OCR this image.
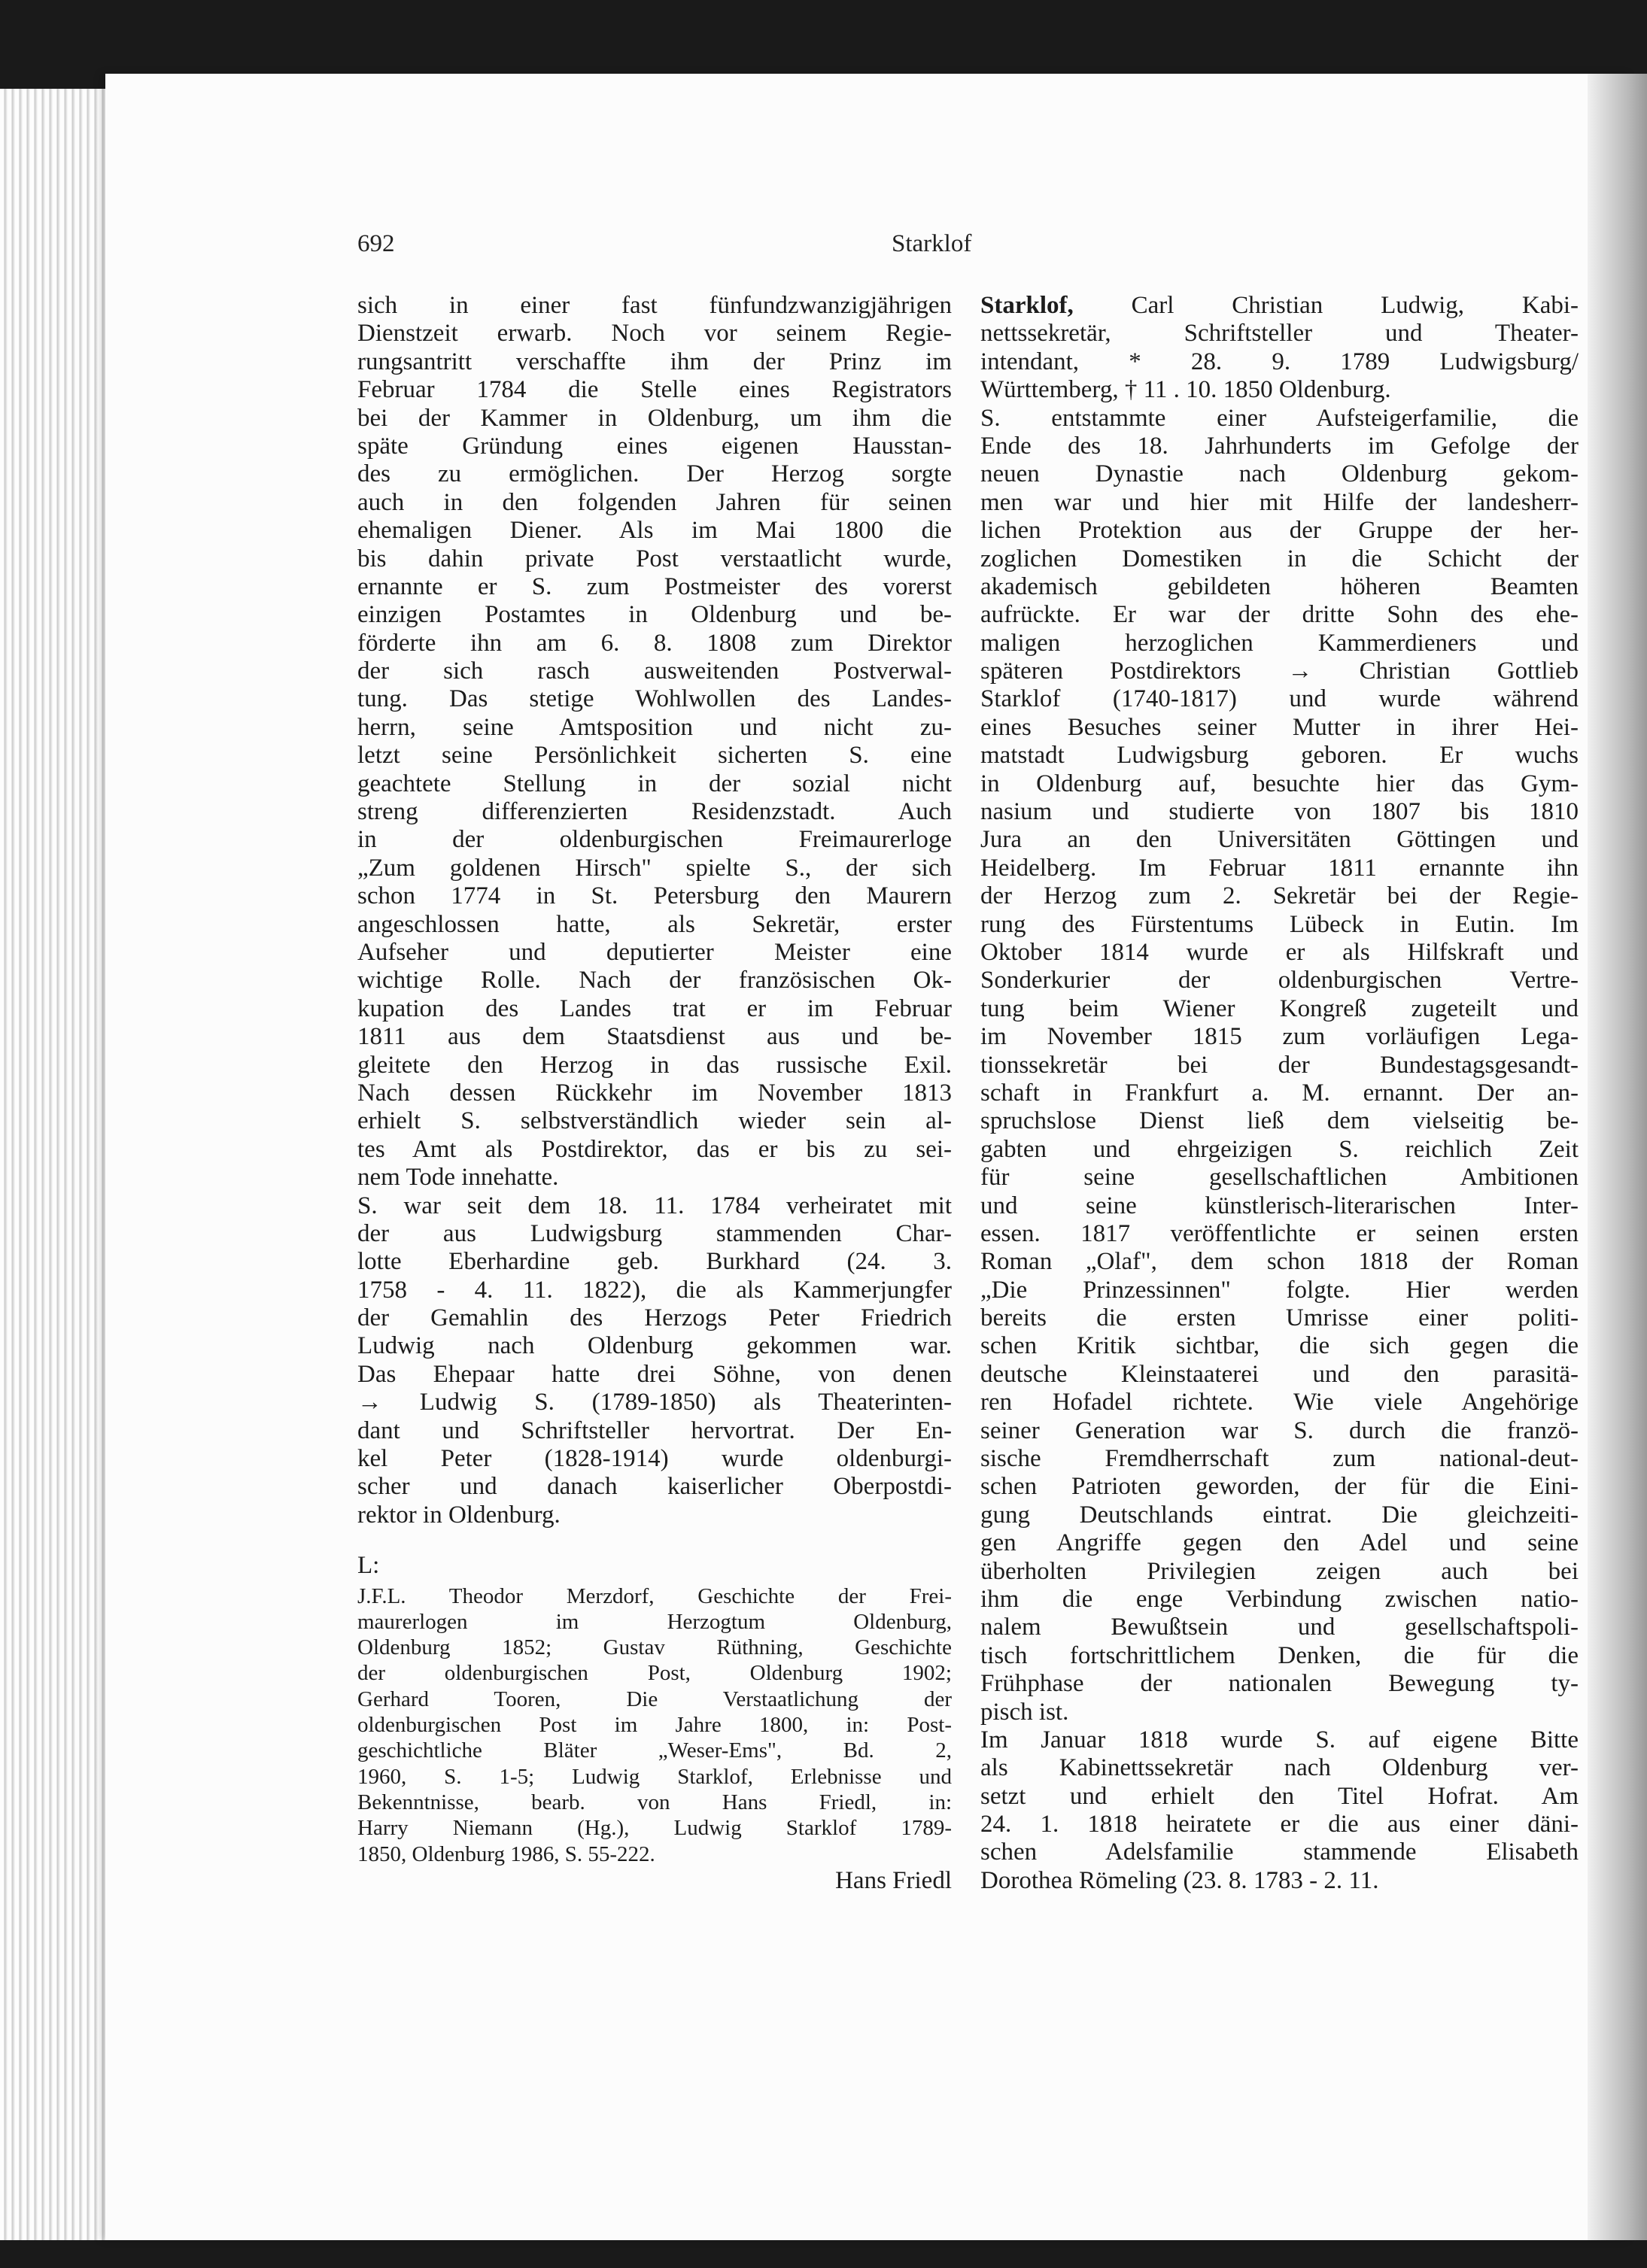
692	Starklof
sich in einer fast fünfundzwanzigjährigen
Dienstzeit erwarb. Noch vor seinem Regie-
rungsantritt verschaffte ihm der Prinz im
Februar 1784 die Stelle eines Registrators
bei der Kammer in Oldenburg, um ihm die
späte Gründung eines eigenen Hausstan-
des zu ermöglichen. Der Herzog sorgte
auch in den folgenden Jahren für seinen
ehemaligen Diener. Als im Mai 1800 die
bis dahin private Post verstaatlicht wurde,
ernannte er S. zum Postmeister des vorerst
einzigen Postamtes in Oldenburg und be-
förderte ihn am 6. 8. 1808 zum Direktor
der sich rasch ausweitenden Postverwal-
tung. Das stetige Wohlwollen des Landes-
herrn, seine Amtsposition und nicht zu-
letzt seine Persönlichkeit sicherten S. eine
geachtete Stellung in der sozial nicht
streng differenzierten Residenzstadt. Auch
in der oldenburgischen Freimaurerloge
„Zum goldenen Hirsch" spielte S., der sich
schon 1774 in St. Petersburg den Maurern
angeschlossen hatte, als Sekretär, erster
Aufseher und deputierter Meister eine
wichtige Rolle. Nach der französischen Ok-
kupation des Landes trat er im Februar
1811 aus dem Staatsdienst aus und be-
gleitete den Herzog in das russische Exil.
Nach dessen Rückkehr im November 1813
erhielt S. selbstverständlich wieder sein al-
tes Amt als Postdirektor, das er bis zu sei-
nem Tode innehatte.
S. war seit dem 18. 11. 1784 verheiratet mit
der aus Ludwigsburg stammenden Char-
lotte Eberhardine geb. Burkhard (24. 3.
1758 - 4. 11. 1822), die als Kammerjungfer
der Gemahlin des Herzogs Peter Friedrich
Ludwig nach Oldenburg gekommen war.
Das Ehepaar hatte drei Söhne, von denen
→ Ludwig S. (1789-1850) als Theaterinten-
dant und Schriftsteller hervortrat. Der En-
kel Peter (1828-1914) wurde oldenburgi-
scher und danach kaiserlicher Oberpostdi-
rektor in Oldenburg.
L:
J.F.L. Theodor Merzdorf, Geschichte der Frei-
maurerlogen im Herzogtum Oldenburg,
Oldenburg 1852; Gustav Rüthning, Geschichte
der oldenburgischen Post, Oldenburg 1902;
Gerhard Tooren, Die Verstaatlichung der
oldenburgischen Post im Jahre 1800, in: Post-
geschichtliche Bläter „Weser-Ems", Bd. 2,
1960, S. 1-5; Ludwig Starklof, Erlebnisse und
Bekenntnisse, bearb. von Hans Friedl, in:
Harry Niemann (Hg.), Ludwig Starklof 1789-
1850, Oldenburg 1986, S. 55-222.
Hans Friedl
Starklof, Carl Christian Ludwig, Kabi-
nettssekretär, Schriftsteller und Theater-
intendant, * 28. 9. 1789 Ludwigsburg/
Württemberg, † 11 . 10. 1850 Oldenburg.
S. entstammte einer Aufsteigerfamilie, die
Ende des 18. Jahrhunderts im Gefolge der
neuen Dynastie nach Oldenburg gekom-
men war und hier mit Hilfe der landesherr-
lichen Protektion aus der Gruppe der her-
zoglichen Domestiken in die Schicht der
akademisch gebildeten höheren Beamten
aufrückte. Er war der dritte Sohn des ehe-
maligen herzoglichen Kammerdieners und
späteren Postdirektors → Christian Gottlieb
Starklof (1740-1817) und wurde während
eines Besuches seiner Mutter in ihrer Hei-
matstadt Ludwigsburg geboren. Er wuchs
in Oldenburg auf, besuchte hier das Gym-
nasium und studierte von 1807 bis 1810
Jura an den Universitäten Göttingen und
Heidelberg. Im Februar 1811 ernannte ihn
der Herzog zum 2. Sekretär bei der Regie-
rung des Fürstentums Lübeck in Eutin. Im
Oktober 1814 wurde er als Hilfskraft und
Sonderkurier der oldenburgischen Vertre-
tung beim Wiener Kongreß zugeteilt und
im November 1815 zum vorläufigen Lega-
tionssekretär bei der Bundestagsgesandt-
schaft in Frankfurt a. M. ernannt. Der an-
spruchslose Dienst ließ dem vielseitig be-
gabten und ehrgeizigen S. reichlich Zeit
für seine gesellschaftlichen Ambitionen
und seine künstlerisch-literarischen Inter-
essen. 1817 veröffentlichte er seinen ersten
Roman „Olaf", dem schon 1818 der Roman
„Die Prinzessinnen" folgte. Hier werden
bereits die ersten Umrisse einer politi-
schen Kritik sichtbar, die sich gegen die
deutsche Kleinstaaterei und den parasitä-
ren Hofadel richtete. Wie viele Angehörige
seiner Generation war S. durch die franzö-
sische Fremdherrschaft zum national-deut-
schen Patrioten geworden, der für die Eini-
gung Deutschlands eintrat. Die gleichzeiti-
gen Angriffe gegen den Adel und seine
überholten Privilegien zeigen auch bei
ihm die enge Verbindung zwischen natio-
nalem Bewußtsein und gesellschaftspoli-
tisch fortschrittlichem Denken, die für die
Frühphase der nationalen Bewegung ty-
pisch ist.
Im Januar 1818 wurde S. auf eigene Bitte
als Kabinettssekretär nach Oldenburg ver-
setzt und erhielt den Titel Hofrat. Am
24. 1. 1818 heiratete er die aus einer däni-
schen Adelsfamilie stammende Elisabeth
Dorothea Römeling (23. 8. 1783 - 2. 11.
